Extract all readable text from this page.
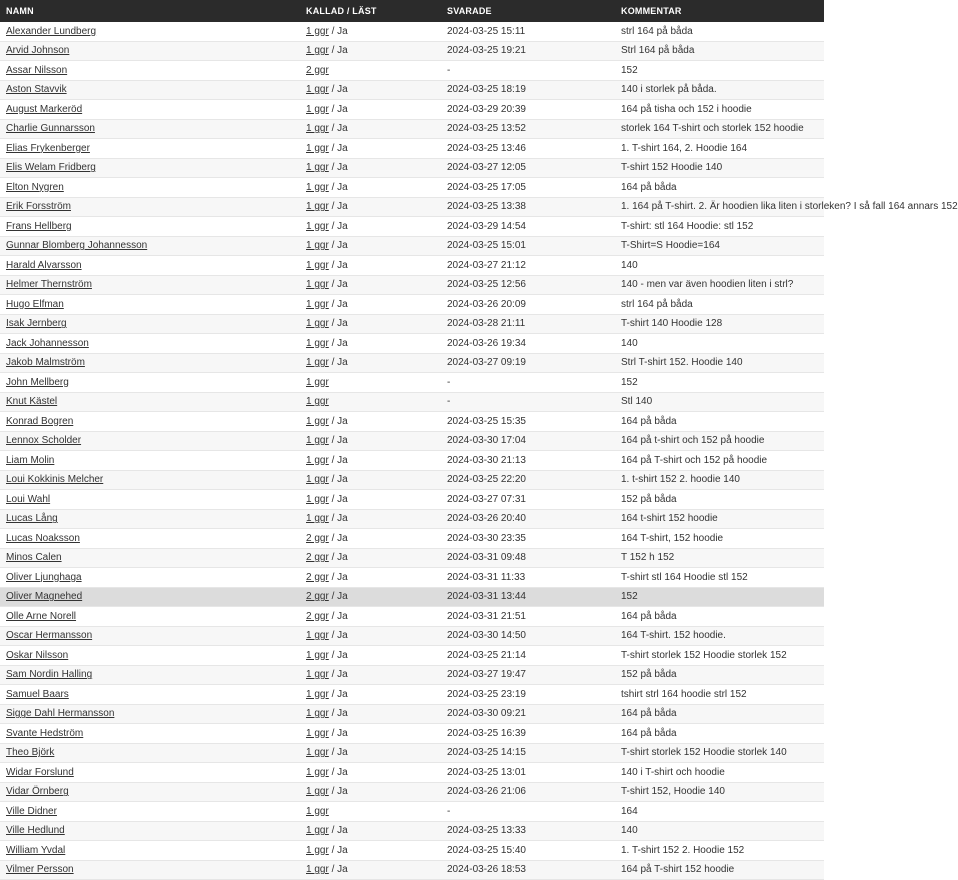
NAMN	KALLAD / LÄST	SVARADE	KOMMENTAR
Alexander Lundberg	1 ggr / Ja	2024-03-25 15:11	strl 164 på båda
Arvid Johnson	1 ggr / Ja	2024-03-25 19:21	Strl 164 på båda
Assar Nilsson	2 ggr	-	152
Aston Stavvik	1 ggr / Ja	2024-03-25 18:19	140 i storlek på båda.
August Markeröd	1 ggr / Ja	2024-03-29 20:39	164 på tisha och 152 i hoodie
Charlie Gunnarsson	1 ggr / Ja	2024-03-25 13:52	storlek 164 T-shirt och storlek 152 hoodie
Elias Frykenberger	1 ggr / Ja	2024-03-25 13:46	1. T-shirt 164, 2. Hoodie 164
Elis Welam Fridberg	1 ggr / Ja	2024-03-27 12:05	T-shirt 152 Hoodie 140
Elton Nygren	1 ggr / Ja	2024-03-25 17:05	164 på båda
Erik Forsström	1 ggr / Ja	2024-03-25 13:38	1. 164 på T-shirt. 2. Är hoodien lika liten i storleken? I så fall 164 annars 152
Frans Hellberg	1 ggr / Ja	2024-03-29 14:54	T-shirt: stl 164 Hoodie: stl 152
Gunnar Blomberg Johannesson	1 ggr / Ja	2024-03-25 15:01	T-Shirt=S Hoodie=164
Harald Alvarsson	1 ggr / Ja	2024-03-27 21:12	140
Helmer Thernström	1 ggr / Ja	2024-03-25 12:56	140 - men var även hoodien liten i strl?
Hugo Elfman	1 ggr / Ja	2024-03-26 20:09	strl 164 på båda
Isak Jernberg	1 ggr / Ja	2024-03-28 21:11	T-shirt 140 Hoodie 128
Jack Johannesson	1 ggr / Ja	2024-03-26 19:34	140
Jakob Malmström	1 ggr / Ja	2024-03-27 09:19	Strl T-shirt 152. Hoodie 140
John Mellberg	1 ggr	-	152
Knut Kästel	1 ggr	-	Stl 140
Konrad Bogren	1 ggr / Ja	2024-03-25 15:35	164 på båda
Lennox Scholder	1 ggr / Ja	2024-03-30 17:04	164 på t-shirt och 152 på hoodie
Liam Molin	1 ggr / Ja	2024-03-30 21:13	164 på T-shirt och 152 på hoodie
Loui Kokkinis Melcher	1 ggr / Ja	2024-03-25 22:20	1. t-shirt 152 2. hoodie 140
Loui Wahl	1 ggr / Ja	2024-03-27 07:31	152 på båda
Lucas Lång	1 ggr / Ja	2024-03-26 20:40	164 t-shirt 152 hoodie
Lucas Noaksson	2 ggr / Ja	2024-03-30 23:35	164 T-shirt, 152 hoodie
Minos Calen	2 ggr / Ja	2024-03-31 09:48	T 152 h 152
Oliver Ljunghaga	2 ggr / Ja	2024-03-31 11:33	T-shirt stl 164 Hoodie stl 152
Oliver Magnehed	2 ggr / Ja	2024-03-31 13:44	152
Olle Arne Norell	2 ggr / Ja	2024-03-31 21:51	164 på båda
Oscar Hermansson	1 ggr / Ja	2024-03-30 14:50	164 T-shirt. 152 hoodie.
Oskar Nilsson	1 ggr / Ja	2024-03-25 21:14	T-shirt storlek 152 Hoodie storlek 152
Sam Nordin Halling	1 ggr / Ja	2024-03-27 19:47	152 på båda
Samuel Baars	1 ggr / Ja	2024-03-25 23:19	tshirt strl 164 hoodie strl 152
Sigge Dahl Hermansson	1 ggr / Ja	2024-03-30 09:21	164 på båda
Svante Hedström	1 ggr / Ja	2024-03-25 16:39	164 på båda
Theo Björk	1 ggr / Ja	2024-03-25 14:15	T-shirt storlek 152 Hoodie storlek 140
Widar Forslund	1 ggr / Ja	2024-03-25 13:01	140 i T-shirt och hoodie
Vidar Örnberg	1 ggr / Ja	2024-03-26 21:06	T-shirt 152, Hoodie 140
Ville Didner	1 ggr	-	164
Ville Hedlund	1 ggr / Ja	2024-03-25 13:33	140
William Yvdal	1 ggr / Ja	2024-03-25 15:40	1. T-shirt 152 2. Hoodie 152
Vilmer Persson	1 ggr / Ja	2024-03-26 18:53	164 på T-shirt 152 hoodie
